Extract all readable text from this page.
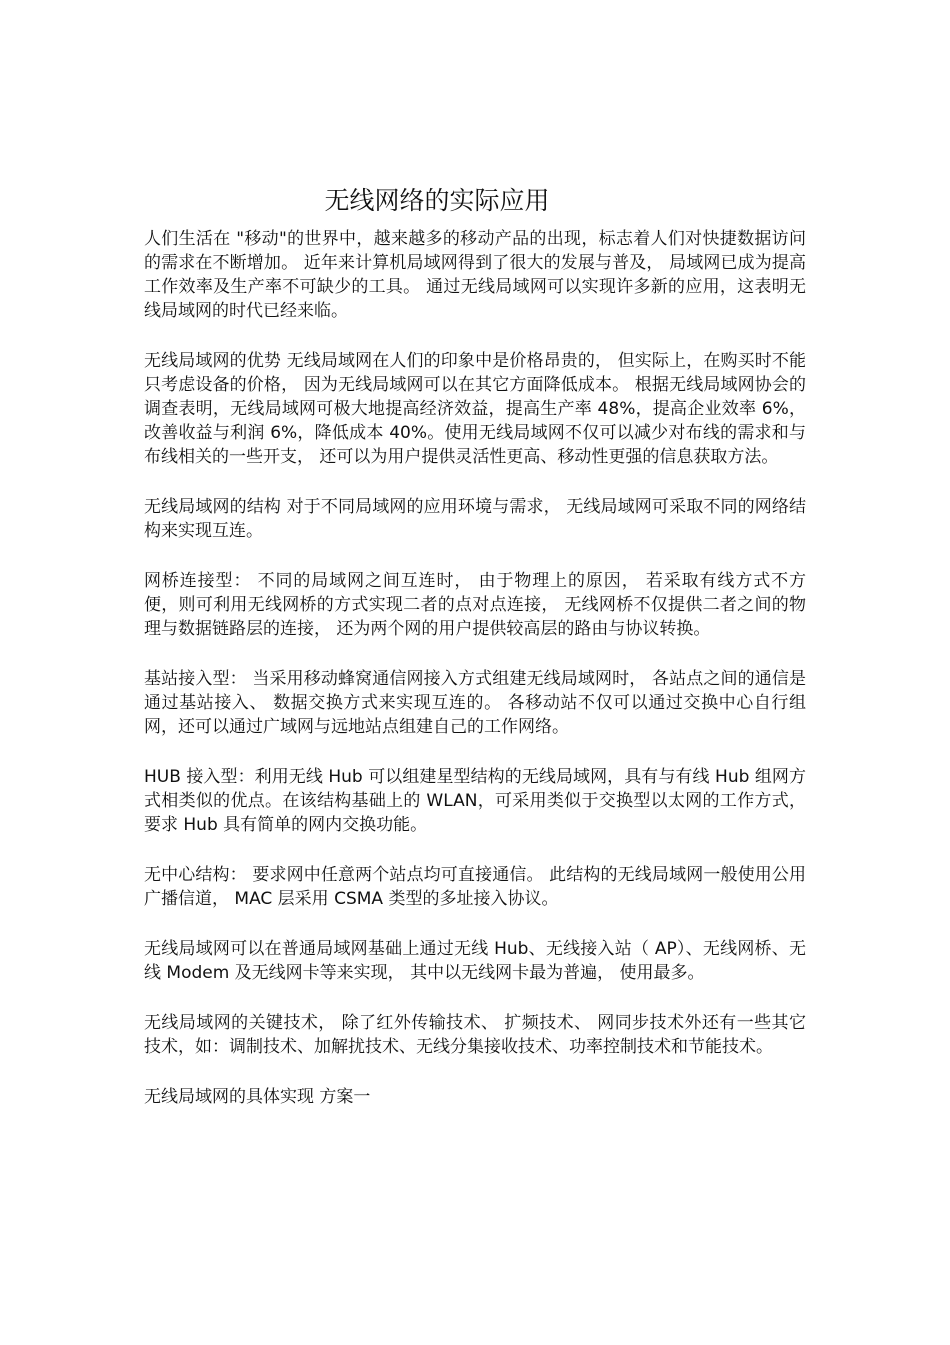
无线网络的实际应用

人们生活在 "移动"的世界中，越来越多的移动产品的出现，标志着人们对快捷数据访问的需求在不断增加。 近年来计算机局域网得到了很大的发展与普及， 局域网已成为提高工作效率及生产率不可缺少的工具。 通过无线局域网可以实现许多新的应用，这表明无线局域网的时代已经来临。

无线局域网的优势 无线局域网在人们的印象中是价格昂贵的， 但实际上，在购买时不能只考虑设备的价格， 因为无线局域网可以在其它方面降低成本。 根据无线局域网协会的调查表明，无线局域网可极大地提高经济效益，提高生产率 48%，提高企业效率 6%，改善收益与利润 6%，降低成本 40%。使用无线局域网不仅可以减少对布线的需求和与布线相关的一些开支， 还可以为用户提供灵活性更高、移动性更强的信息获取方法。

无线局域网的结构 对于不同局域网的应用环境与需求， 无线局域网可采取不同的网络结构来实现互连。

网桥连接型： 不同的局域网之间互连时， 由于物理上的原因， 若采取有线方式不方便，则可利用无线网桥的方式实现二者的点对点连接， 无线网桥不仅提供二者之间的物理与数据链路层的连接， 还为两个网的用户提供较高层的路由与协议转换。

基站接入型： 当采用移动蜂窝通信网接入方式组建无线局域网时， 各站点之间的通信是通过基站接入、 数据交换方式来实现互连的。 各移动站不仅可以通过交换中心自行组网，还可以通过广域网与远地站点组建自己的工作网络。

HUB 接入型：利用无线 Hub 可以组建星型结构的无线局域网，具有与有线 Hub 组网方式相类似的优点。在该结构基础上的 WLAN，可采用类似于交换型以太网的工作方式，要求 Hub 具有简单的网内交换功能。

无中心结构： 要求网中任意两个站点均可直接通信。 此结构的无线局域网一般使用公用广播信道， MAC 层采用 CSMA 类型的多址接入协议。

无线局域网可以在普通局域网基础上通过无线 Hub、无线接入站（ AP）、无线网桥、无线 Modem 及无线网卡等来实现， 其中以无线网卡最为普遍， 使用最多。

无线局域网的关键技术， 除了红外传输技术、 扩频技术、 网同步技术外还有一些其它技术，如：调制技术、加解扰技术、无线分集接收技术、功率控制技术和节能技术。

无线局域网的具体实现 方案一
